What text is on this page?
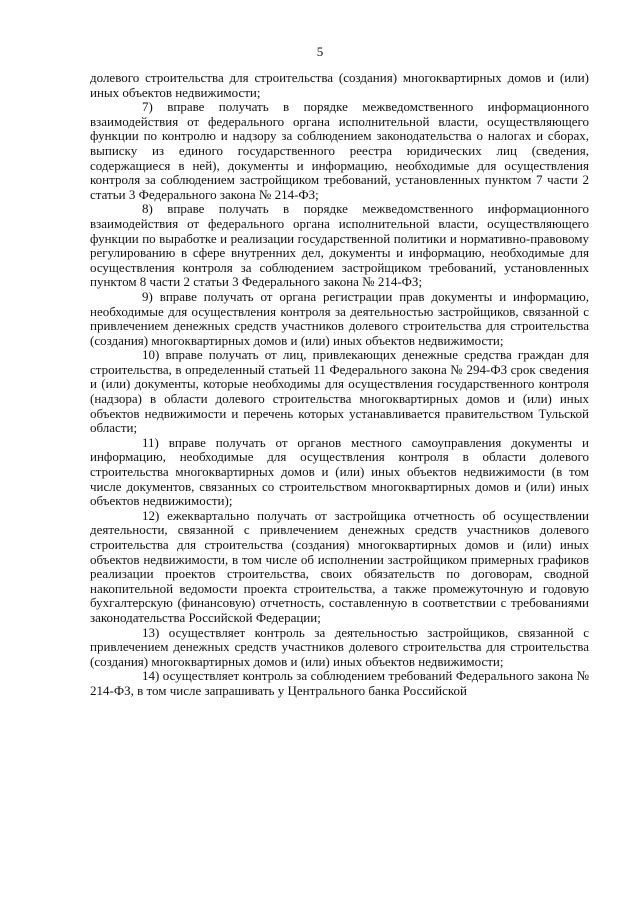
5

долевого строительства для строительства (создания) многоквартирных домов и (или) иных объектов недвижимости;

7) вправе получать в порядке межведомственного информационного взаимодействия от федерального органа исполнительной власти, осуществляющего функции по контролю и надзору за соблюдением законодательства о налогах и сборах, выписку из единого государственного реестра юридических лиц (сведения, содержащиеся в ней), документы и информацию, необходимые для осуществления контроля за соблюдением застройщиком требований, установленных пунктом 7 части 2 статьи 3 Федерального закона № 214-ФЗ;

8) вправе получать в порядке межведомственного информационного взаимодействия от федерального органа исполнительной власти, осуществляющего функции по выработке и реализации государственной политики и нормативно-правовому регулированию в сфере внутренних дел, документы и информацию, необходимые для осуществления контроля за соблюдением застройщиком требований, установленных пунктом 8 части 2 статьи 3 Федерального закона № 214-ФЗ;

9) вправе получать от органа регистрации прав документы и информацию, необходимые для осуществления контроля за деятельностью застройщиков, связанной с привлечением денежных средств участников долевого строительства для строительства (создания) многоквартирных домов и (или) иных объектов недвижимости;

10) вправе получать от лиц, привлекающих денежные средства граждан для строительства, в определенный статьей 11 Федерального закона № 294-ФЗ срок сведения и (или) документы, которые необходимы для осуществления государственного контроля (надзора) в области долевого строительства многоквартирных домов и (или) иных объектов недвижимости и перечень которых устанавливается правительством Тульской области;

11) вправе получать от органов местного самоуправления документы и информацию, необходимые для осуществления контроля в области долевого строительства многоквартирных домов и (или) иных объектов недвижимости (в том числе документов, связанных со строительством многоквартирных домов и (или) иных объектов недвижимости);

12) ежеквартально получать от застройщика отчетность об осуществлении деятельности, связанной с привлечением денежных средств участников долевого строительства для строительства (создания) многоквартирных домов и (или) иных объектов недвижимости, в том числе об исполнении застройщиком примерных графиков реализации проектов строительства, своих обязательств по договорам, сводной накопительной ведомости проекта строительства, а также промежуточную и годовую бухгалтерскую (финансовую) отчетность, составленную в соответствии с требованиями законодательства Российской Федерации;

13) осуществляет контроль за деятельностью застройщиков, связанной с привлечением денежных средств участников долевого строительства для строительства (создания) многоквартирных домов и (или) иных объектов недвижимости;

14) осуществляет контроль за соблюдением требований Федерального закона № 214-ФЗ, в том числе запрашивать у Центрального банка Российской
